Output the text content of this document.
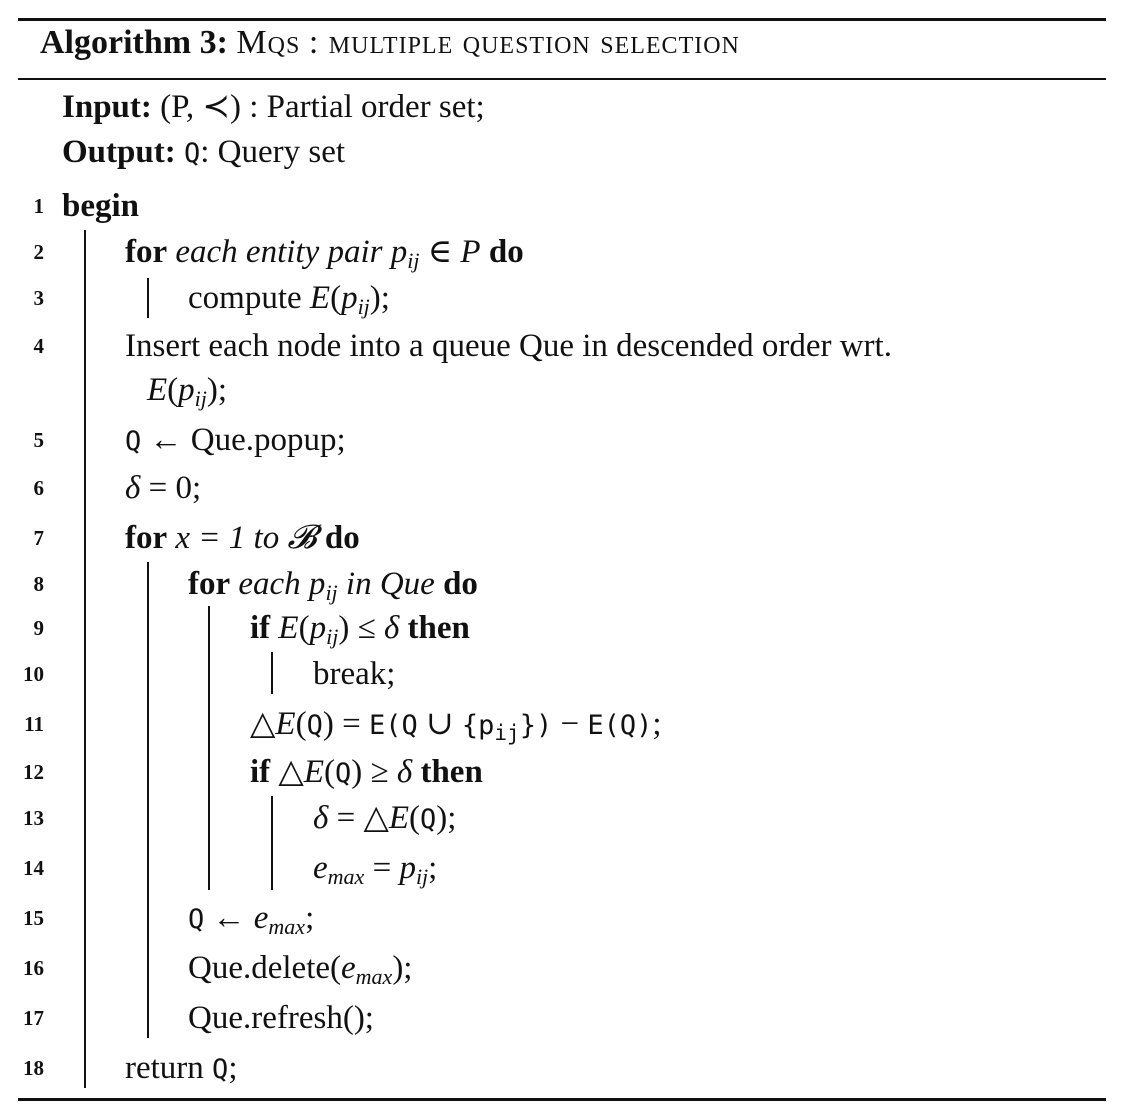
Algorithm 3: Mqs : multiple question selection
Input: (P, ≺) : Partial order set;
Output: Q: Query set
1 begin
2 for each entity pair $p_{ij}$ ∈ P do
3	compute $E(p_{ij})$;
4 Insert each node into a queue Que in descended order wrt.
$E(p_{ij})$;
5	Q ← Que.popup;
6 δ = 0;
7 for x = 1 to 𝓑 do
8	for each $p_{ij}$ in Que do
9	if $E(p_{ij}) \le \delta$ then
10	break;
11	△E(Q) = E(Q ∪ {pij}) − E(Q);
12	if △E(Q) ≥ δ then
13	δ = △E(Q);
14	$e_{max} = p_{ij}$;
15	Q ← $e_{max}$;
16	$Que.delete(e_{max})$;
17	Que.refresh();
18 return Q;
